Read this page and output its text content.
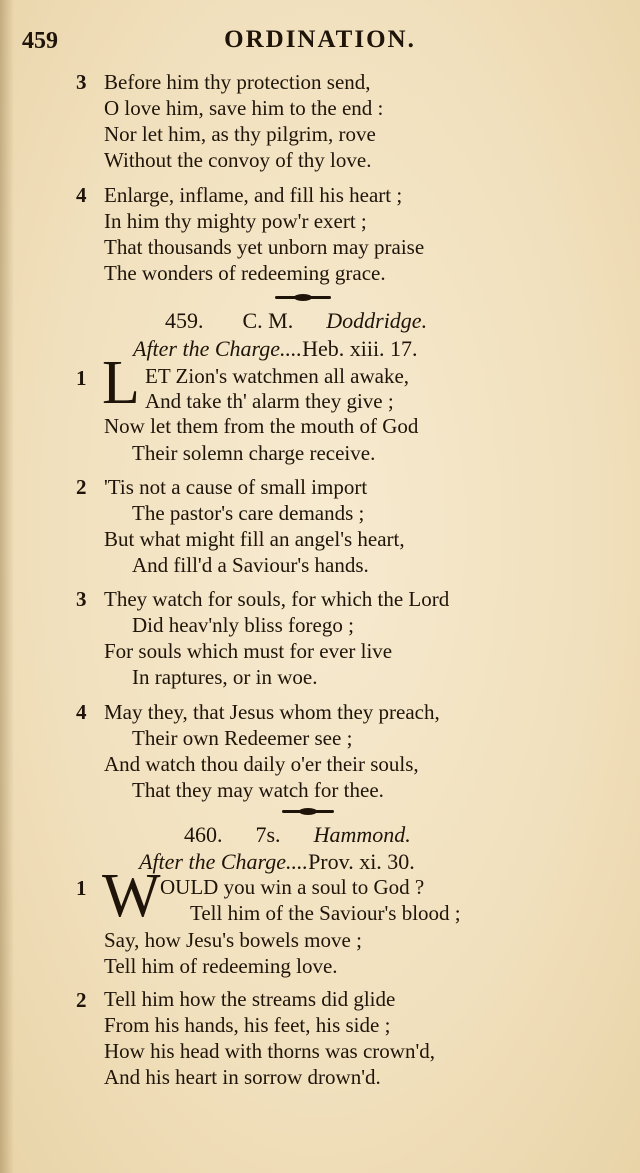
459	ORDINATION.
3 Before him thy protection send,
O love him, save him to the end :
Nor let him, as thy pilgrim, rove
Without the convoy of thy love.
4 Enlarge, inflame, and fill his heart ;
In him thy mighty pow'r exert ;
That thousands yet unborn may praise
The wonders of redeeming grace.
459. C. M. Doddridge.
After the Charge....Heb. xiii. 17.
1 L ET Zion's watchmen all awake,
And take th' alarm they give ;
Now let them from the mouth of God
Their solemn charge receive.
2 'Tis not a cause of small import
The pastor's care demands ;
But what might fill an angel's heart,
And fill'd a Saviour's hands.
3 They watch for souls, for which the Lord
Did heav'nly bliss forego ;
For souls which must for ever live
In raptures, or in woe.
4 May they, that Jesus whom they preach,
Their own Redeemer see ;
And watch thou daily o'er their souls,
That they may watch for thee.
460. 7s. Hammond.
After the Charge....Prov. xi. 30.
1 W OULD you win a soul to God ?
Tell him of the Saviour's blood ;
Say, how Jesu's bowels move ;
Tell him of redeeming love.
2 Tell him how the streams did glide
From his hands, his feet, his side ;
How his head with thorns was crown'd,
And his heart in sorrow drown'd.
